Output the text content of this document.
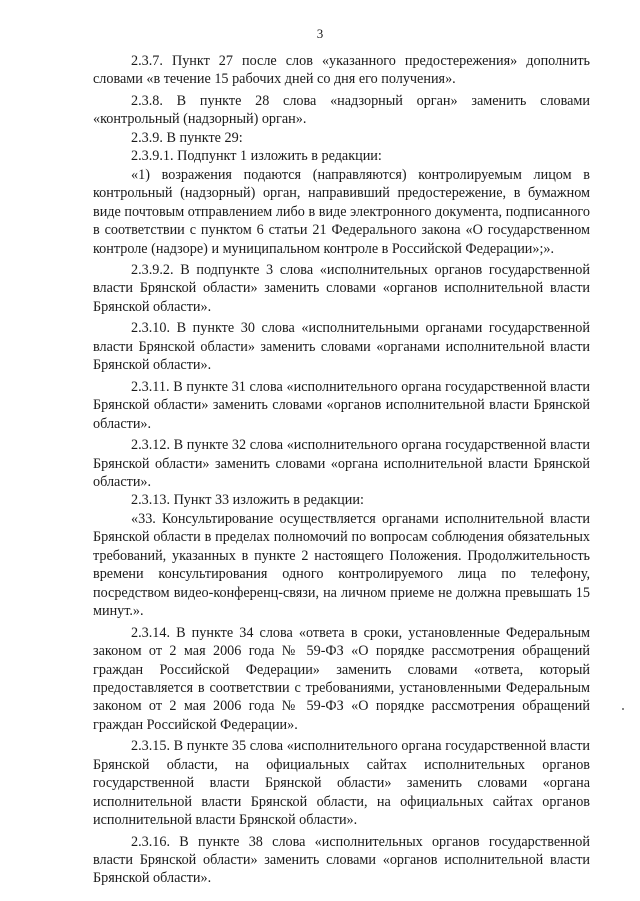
3

2.3.7. Пункт 27 после слов «указанного предостережения» дополнить словами «в течение 15 рабочих дней со дня его получения».

2.3.8. В пункте 28 слова «надзорный орган» заменить словами «контрольный (надзорный) орган».

2.3.9. В пункте 29:

2.3.9.1. Подпункт 1 изложить в редакции:

«1) возражения подаются (направляются) контролируемым лицом в контрольный (надзорный) орган, направивший предостережение, в бумажном виде почтовым отправлением либо в виде электронного документа, подписанного в соответствии с пунктом 6 статьи 21 Федерального закона «О государственном контроле (надзоре) и муниципальном контроле в Российской Федерации»;».

2.3.9.2. В подпункте 3 слова «исполнительных органов государственной власти Брянской области» заменить словами «органов исполнительной власти Брянской области».

2.3.10. В пункте 30 слова «исполнительными органами государственной власти Брянской области» заменить словами «органами исполнительной власти Брянской области».

2.3.11. В пункте 31 слова «исполнительного органа государственной власти Брянской области» заменить словами «органов исполнительной власти Брянской области».

2.3.12. В пункте 32 слова «исполнительного органа государственной власти Брянской области» заменить словами «органа исполнительной власти Брянской области».

2.3.13. Пункт 33 изложить в редакции:

«33. Консультирование осуществляется органами исполнительной власти Брянской области в пределах полномочий по вопросам соблюдения обязательных требований, указанных в пункте 2 настоящего Положения. Продолжительность времени консультирования одного контролируемого лица по телефону, посредством видео-конференц-связи, на личном приеме не должна превышать 15 минут.».

2.3.14. В пункте 34 слова «ответа в сроки, установленные Федеральным законом от 2 мая 2006 года № 59-ФЗ «О порядке рассмотрения обращений граждан Российской Федерации» заменить словами «ответа, который предоставляется в соответствии с требованиями, установленными Федеральным законом от 2 мая 2006 года № 59-ФЗ «О порядке рассмотрения обращений граждан Российской Федерации».

2.3.15. В пункте 35 слова «исполнительного органа государственной власти Брянской области, на официальных сайтах исполнительных органов государственной власти Брянской области» заменить словами «органа исполнительной власти Брянской области, на официальных сайтах органов исполнительной власти Брянской области».

2.3.16. В пункте 38 слова «исполнительных органов государственной власти Брянской области» заменить словами «органов исполнительной власти Брянской области».
